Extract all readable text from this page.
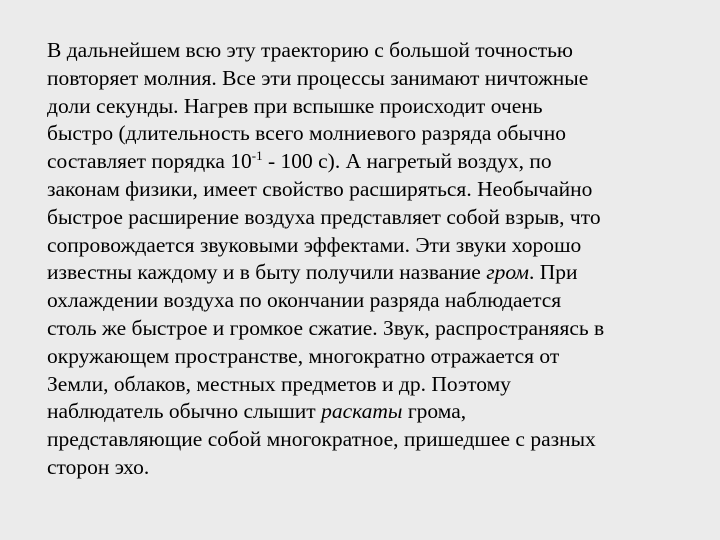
В дальнейшем всю эту траекторию с большой точностью
повторяет молния. Все эти процессы занимают ничтожные
доли секунды. Нагрев при вспышке происходит очень
быстро (длительность всего молниевого разряда обычно
составляет порядка $10^{-1} - 100$ с). А нагретый воздух, по
законам физики, имеет свойство расширяться. Необычайно
быстрое расширение воздуха представляет собой взрыв, что
сопровождается звуковыми эффектами. Эти звуки хорошо
известны каждому и в быту получили название гром. При
охлаждении воздуха по окончании разряда наблюдается
столь же быстрое и громкое сжатие. Звук, распространяясь в
окружающем пространстве, многократно отражается от
Земли, облаков, местных предметов и др. Поэтому
наблюдатель обычно слышит раскаты грома,
представляющие собой многократное, пришедшее с разных
сторон эхо.
